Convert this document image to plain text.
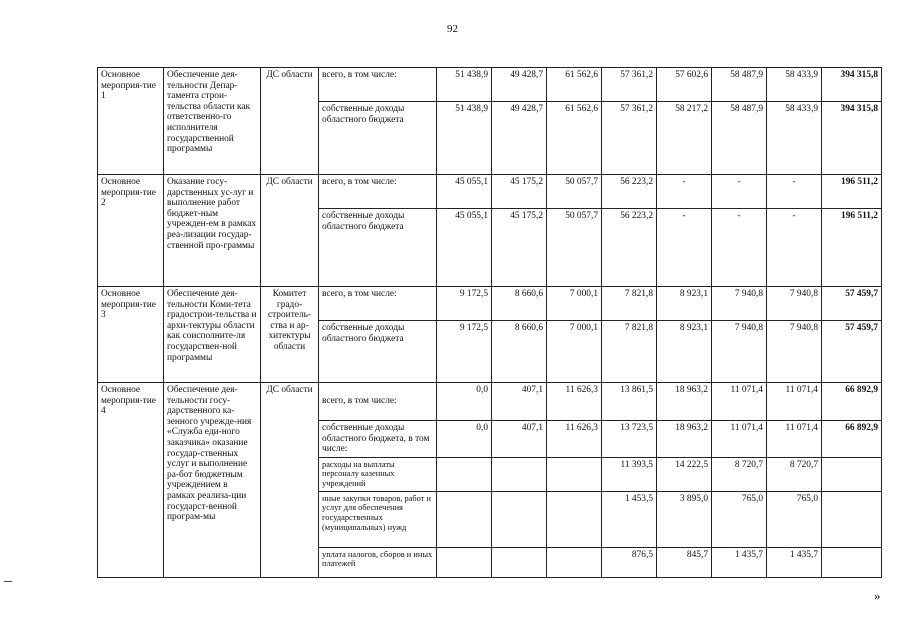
92
Основное мероприя-тие 1	Обеспечение дея-тельности Депар-тамента строи-тельства области как ответственно-го исполнителя государственной программы	ДС области	всего, в том числе:	51 438,9	49 428,7	61 562,6	57 361,2	57 602,6	58 487,9	58 433,9	394 315,8
			собственные доходы областного бюджета	51 438,9	49 428,7	61 562,6	57 361,2	58 217,2	58 487,9	58 433,9	394 315,8
Основное мероприя-тие 2	Оказание госу-дарственных ус-луг и выполнение работ бюджет-ным учрежден-ем в рамках реа-лизации государ-ственной про-граммы	ДС области	всего, в том числе:	45 055,1	45 175,2	50 057,7	56 223,2	-	-	-	196 511,2
			собственные доходы областного бюджета	45 055,1	45 175,2	50 057,7	56 223,2	-	-	-	196 511,2
Основное мероприя-тие 3	Обеспечение дея-тельности Коми-тета градострои-тельства и архи-тектуры области как соисполните-ля государствен-ной программы	Комитет градо-строитель-ства и ар-хитектуры области	всего, в том числе:	9 172,5	8 660,6	7 000,1	7 821,8	8 923,1	7 940,8	7 940,8	57 459,7
			собственные доходы областного бюджета	9 172,5	8 660,6	7 000,1	7 821,8	8 923,1	7 940,8	7 940,8	57 459,7
Основное мероприя-тие 4	Обеспечение дея-тельности госу-дарственного ка-зенного учрежде-ния «Служба еди-ного заказчика» оказание государ-ственных услуг и выполнение ра-бот бюджетным учреждением в рамках реализа-ции государст-венной програм-мы	ДС области	всего, в том числе:	0,0	407,1	11 626,3	13 861,5	18 963,2	11 071,4	11 071,4	66 892,9
			собственные доходы областного бюджета, в том числе:	0,0	407,1	11 626,3	13 723,5	18 963,2	11 071,4	11 071,4	66 892,9
			расходы на выплаты персоналу казенных учреждений				11 393,5	14 222,5	8 720,7	8 720,7	
			иные закупки товаров, работ и услуг для обеспечения государственных (муниципальных) нужд				1 453,5	3 895,0	765,0	765,0	
			уплата налогов, сборов и иных платежей				876,5	845,7	1 435,7	1 435,7	
»
